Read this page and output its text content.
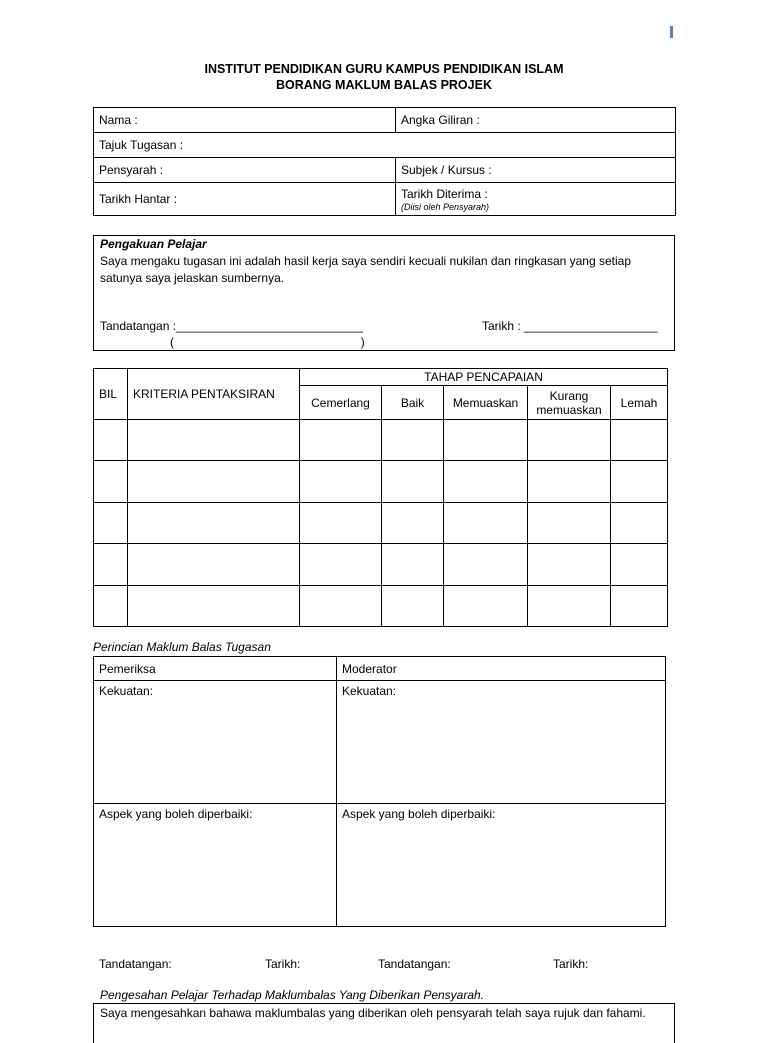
INSTITUT PENDIDIKAN GURU KAMPUS PENDIDIKAN ISLAM
BORANG MAKLUM BALAS PROJEK
Nama :	Angka Giliran :
Tajuk Tugasan :	
Pensyarah :	Subjek / Kursus :
Tarikh Hantar :	Tarikh Diterima :
(Diisi oleh Pensyarah)
Pengakuan Pelajar
Saya mengaku tugasan ini adalah hasil kerja saya sendiri kecuali nukilan dan ringkasan yang setiap satunya saya jelaskan sumbernya.
Tandatangan :____________________________	Tarikh : ____________________
(                                                        )
BIL	KRITERIA PENTAKSIRAN	TAHAP PENCAPAIAN				
		Cemerlang	Baik	Memuaskan	Kurang memuaskan	Lemah

Perincian Maklum Balas Tugasan
Pemeriksa	Moderator
Kekuatan:	Kekuatan:
Aspek yang boleh diperbaiki:	Aspek yang boleh diperbaiki:
Tandatangan:	Tarikh:	Tandatangan:	Tarikh:
Pengesahan Pelajar Terhadap Maklumbalas Yang Diberikan Pensyarah.
Saya mengesahkan bahawa maklumbalas yang diberikan oleh pensyarah telah saya rujuk dan fahami.
